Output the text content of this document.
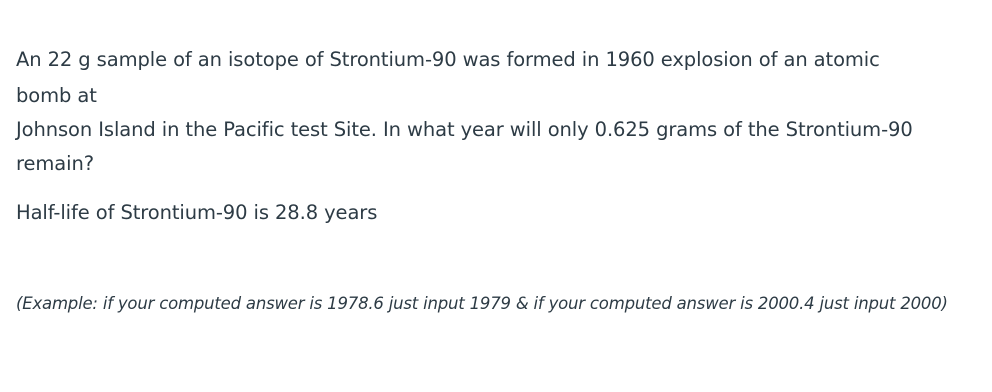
An 22 g sample of an isotope of Strontium-90 was formed in 1960 explosion of an atomic
bomb at
Johnson Island in the Pacific test Site. In what year will only 0.625 grams of the Strontium-90
remain?
Half-life of Strontium-90 is 28.8 years
(Example: if your computed answer is 1978.6 just input 1979 & if your computed answer is 2000.4 just input 2000)
